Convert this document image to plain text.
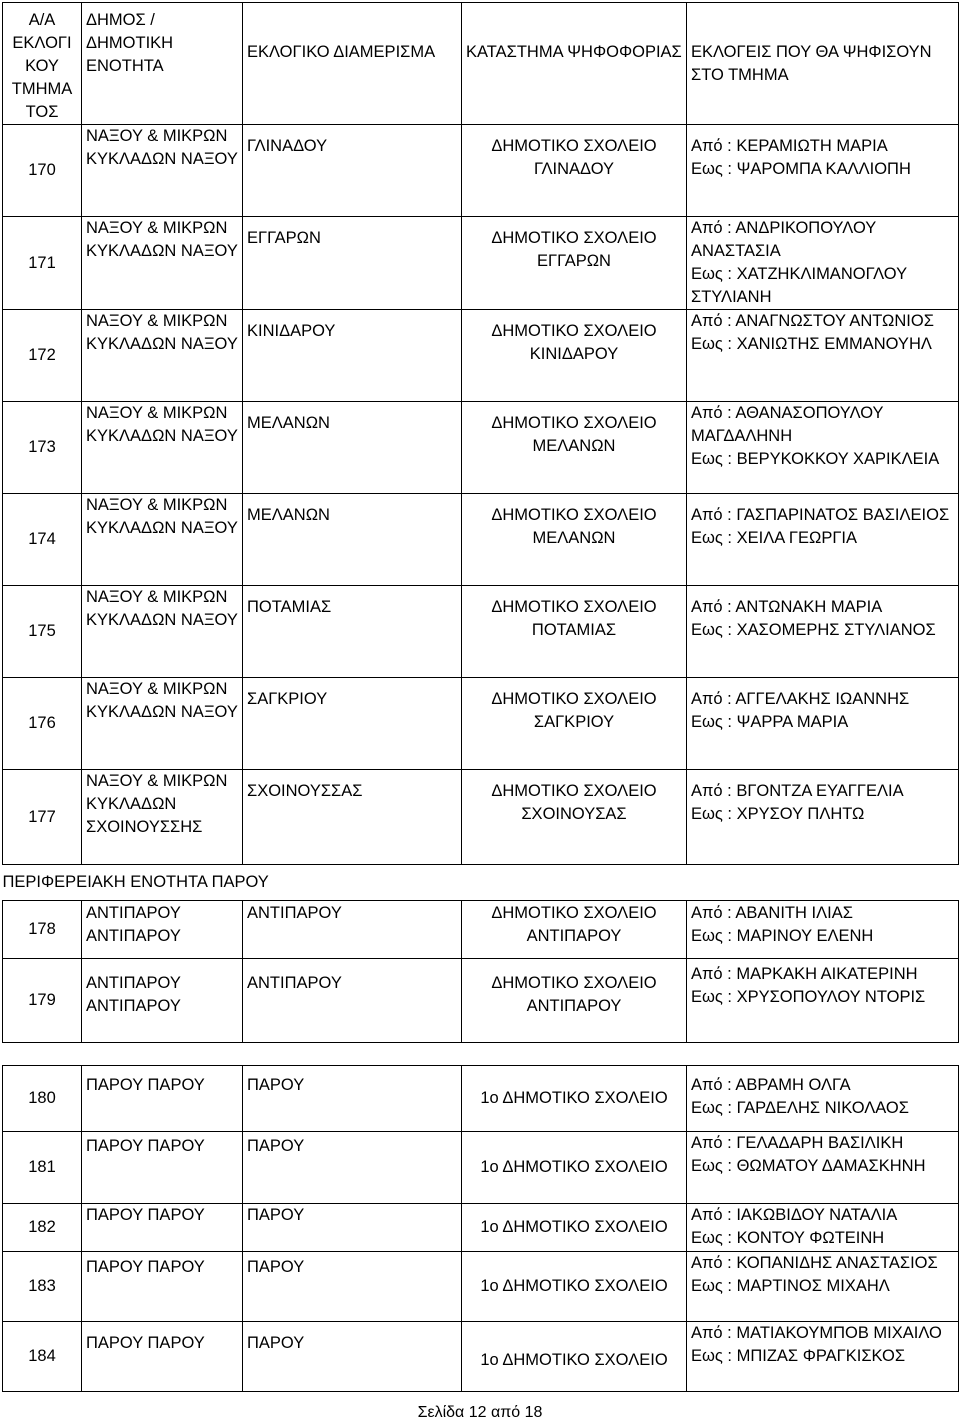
Α/Α ΕΚΛΟΓΙ ΚΟΥ ΤΜΗΜΑ ΤΟΣ	ΔΗΜΟΣ / ΔΗΜΟΤΙΚΗ ΕΝΟΤΗΤΑ	ΕΚΛΟΓΙΚΟ ΔΙΑΜΕΡΙΣΜΑ	ΚΑΤΑΣΤΗΜΑ ΨΗΦΟΦΟΡΙΑΣ	ΕΚΛΟΓΕΙΣ ΠΟΥ ΘΑ ΨΗΦΙΣΟΥΝ ΣΤΟ ΤΜΗΜΑ
170	ΝΑΞΟΥ & ΜΙΚΡΩΝ ΚΥΚΛΑΔΩΝ ΝΑΞΟΥ	ΓΛΙΝΑΔΟΥ	ΔΗΜΟΤΙΚΟ ΣΧΟΛΕΙΟ ΓΛΙΝΑΔΟΥ	Από : ΚΕΡΑΜΙΩΤΗ ΜΑΡΙΑ
Εως : ΨΑΡΟΜΠΑ ΚΑΛΛΙΟΠΗ
171	ΝΑΞΟΥ & ΜΙΚΡΩΝ ΚΥΚΛΑΔΩΝ ΝΑΞΟΥ	ΕΓΓΑΡΩΝ	ΔΗΜΟΤΙΚΟ ΣΧΟΛΕΙΟ ΕΓΓΑΡΩΝ	Από : ΑΝΔΡΙΚΟΠΟΥΛΟΥ ΑΝΑΣΤΑΣΙΑ
Εως : ΧΑΤΖΗΚΛΙΜΑΝΟΓΛΟΥ ΣΤΥΛΙΑΝΗ
172	ΝΑΞΟΥ & ΜΙΚΡΩΝ ΚΥΚΛΑΔΩΝ ΝΑΞΟΥ	ΚΙΝΙΔΑΡΟΥ	ΔΗΜΟΤΙΚΟ ΣΧΟΛΕΙΟ ΚΙΝΙΔΑΡΟΥ	Από : ΑΝΑΓΝΩΣΤΟΥ ΑΝΤΩΝΙΟΣ
Εως : ΧΑΝΙΩΤΗΣ ΕΜΜΑΝΟΥΗΛ
173	ΝΑΞΟΥ & ΜΙΚΡΩΝ ΚΥΚΛΑΔΩΝ ΝΑΞΟΥ	ΜΕΛΑΝΩΝ	ΔΗΜΟΤΙΚΟ ΣΧΟΛΕΙΟ ΜΕΛΑΝΩΝ	Από : ΑΘΑΝΑΣΟΠΟΥΛΟΥ ΜΑΓΔΑΛΗΝΗ
Εως : ΒΕΡΥΚΟΚΚΟΥ ΧΑΡΙΚΛΕΙΑ
174	ΝΑΞΟΥ & ΜΙΚΡΩΝ ΚΥΚΛΑΔΩΝ ΝΑΞΟΥ	ΜΕΛΑΝΩΝ	ΔΗΜΟΤΙΚΟ ΣΧΟΛΕΙΟ ΜΕΛΑΝΩΝ	Από : ΓΑΣΠΑΡΙΝΑΤΟΣ ΒΑΣΙΛΕΙΟΣ
Εως : ΧΕΙΛΑ ΓΕΩΡΓΙΑ
175	ΝΑΞΟΥ & ΜΙΚΡΩΝ ΚΥΚΛΑΔΩΝ ΝΑΞΟΥ	ΠΟΤΑΜΙΑΣ	ΔΗΜΟΤΙΚΟ ΣΧΟΛΕΙΟ ΠΟΤΑΜΙΑΣ	Από : ΑΝΤΩΝΑΚΗ ΜΑΡΙΑ
Εως : ΧΑΣΟΜΕΡΗΣ ΣΤΥΛΙΑΝΟΣ
176	ΝΑΞΟΥ & ΜΙΚΡΩΝ ΚΥΚΛΑΔΩΝ ΝΑΞΟΥ	ΣΑΓΚΡΙΟΥ	ΔΗΜΟΤΙΚΟ ΣΧΟΛΕΙΟ ΣΑΓΚΡΙΟΥ	Από : ΑΓΓΕΛΑΚΗΣ ΙΩΑΝΝΗΣ
Εως : ΨΑΡΡΑ ΜΑΡΙΑ
177	ΝΑΞΟΥ & ΜΙΚΡΩΝ ΚΥΚΛΑΔΩΝ ΣΧΟΙΝΟΥΣΣΗΣ	ΣΧΟΙΝΟΥΣΣΑΣ	ΔΗΜΟΤΙΚΟ ΣΧΟΛΕΙΟ ΣΧΟΙΝΟΥΣΑΣ	Από : ΒΓΟΝΤΖΑ ΕΥΑΓΓΕΛΙΑ
Εως : ΧΡΥΣΟΥ ΠΛΗΤΩ
ΠΕΡΙΦΕΡΕΙΑΚΗ ΕΝΟΤΗΤΑ ΠΑΡΟΥ				
178	ΑΝΤΙΠΑΡΟΥ ΑΝΤΙΠΑΡΟΥ	ΑΝΤΙΠΑΡΟΥ	ΔΗΜΟΤΙΚΟ ΣΧΟΛΕΙΟ ΑΝΤΙΠΑΡΟΥ	Από : ΑΒΑΝΙΤΗ ΙΛΙΑΣ
Εως : ΜΑΡΙΝΟΥ ΕΛΕΝΗ
179	ΑΝΤΙΠΑΡΟΥ ΑΝΤΙΠΑΡΟΥ	ΑΝΤΙΠΑΡΟΥ	ΔΗΜΟΤΙΚΟ ΣΧΟΛΕΙΟ ΑΝΤΙΠΑΡΟΥ	Από : ΜΑΡΚΑΚΗ ΑΙΚΑΤΕΡΙΝΗ
Εως : ΧΡΥΣΟΠΟΥΛΟΥ ΝΤΟΡΙΣ

180	ΠΑΡΟΥ ΠΑΡΟΥ	ΠΑΡΟΥ	1ο ΔΗΜΟΤΙΚΟ ΣΧΟΛΕΙΟ	Από : ΑΒΡΑΜΗ ΟΛΓΑ
Εως : ΓΑΡΔΕΛΗΣ ΝΙΚΟΛΑΟΣ
181	ΠΑΡΟΥ ΠΑΡΟΥ	ΠΑΡΟΥ	1ο ΔΗΜΟΤΙΚΟ ΣΧΟΛΕΙΟ	Από : ΓΕΛΑΔΑΡΗ ΒΑΣΙΛΙΚΗ
Εως : ΘΩΜΑΤΟΥ ΔΑΜΑΣΚΗΝΗ
182	ΠΑΡΟΥ ΠΑΡΟΥ	ΠΑΡΟΥ	1ο ΔΗΜΟΤΙΚΟ ΣΧΟΛΕΙΟ	Από : ΙΑΚΩΒΙΔΟΥ ΝΑΤΑΛΙΑ
Εως : ΚΟΝΤΟΥ ΦΩΤΕΙΝΗ
183	ΠΑΡΟΥ ΠΑΡΟΥ	ΠΑΡΟΥ	1ο ΔΗΜΟΤΙΚΟ ΣΧΟΛΕΙΟ	Από : ΚΟΠΑΝΙΔΗΣ ΑΝΑΣΤΑΣΙΟΣ
Εως : ΜΑΡΤΙΝΟΣ ΜΙΧΑΗΛ
184	ΠΑΡΟΥ ΠΑΡΟΥ	ΠΑΡΟΥ	1ο ΔΗΜΟΤΙΚΟ ΣΧΟΛΕΙΟ	Από : ΜΑΤΙΑΚΟΥΜΠΟΒ ΜΙΧΑΙΛΟ
Εως : ΜΠΙΖΑΣ ΦΡΑΓΚΙΣΚΟΣ
Σελίδα 12 από 18
